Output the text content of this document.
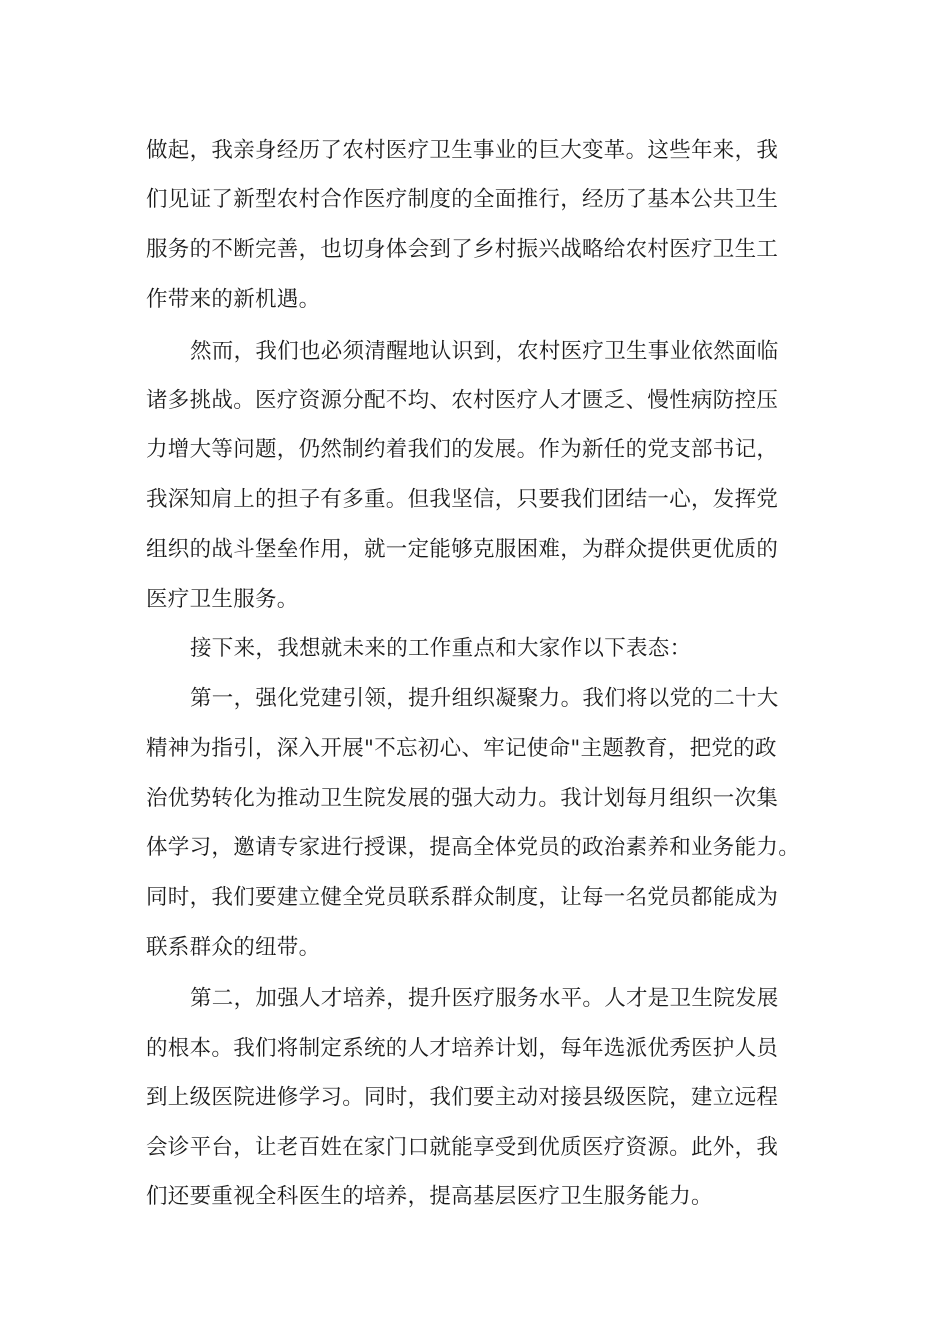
做起，我亲身经历了农村医疗卫生事业的巨大变革。这些年来，我
们见证了新型农村合作医疗制度的全面推行，经历了基本公共卫生
服务的不断完善，也切身体会到了乡村振兴战略给农村医疗卫生工
作带来的新机遇。
然而，我们也必须清醒地认识到，农村医疗卫生事业依然面临
诸多挑战。医疗资源分配不均、农村医疗人才匮乏、慢性病防控压
力增大等问题，仍然制约着我们的发展。作为新任的党支部书记，
我深知肩上的担子有多重。但我坚信，只要我们团结一心，发挥党
组织的战斗堡垒作用，就一定能够克服困难，为群众提供更优质的
医疗卫生服务。
接下来，我想就未来的工作重点和大家作以下表态：
第一，强化党建引领，提升组织凝聚力。我们将以党的二十大
精神为指引，深入开展"不忘初心、牢记使命"主题教育，把党的政
治优势转化为推动卫生院发展的强大动力。我计划每月组织一次集
体学习，邀请专家进行授课，提高全体党员的政治素养和业务能力。
同时，我们要建立健全党员联系群众制度，让每一名党员都能成为
联系群众的纽带。
第二，加强人才培养，提升医疗服务水平。人才是卫生院发展
的根本。我们将制定系统的人才培养计划，每年选派优秀医护人员
到上级医院进修学习。同时，我们要主动对接县级医院，建立远程
会诊平台，让老百姓在家门口就能享受到优质医疗资源。此外，我
们还要重视全科医生的培养，提高基层医疗卫生服务能力。
